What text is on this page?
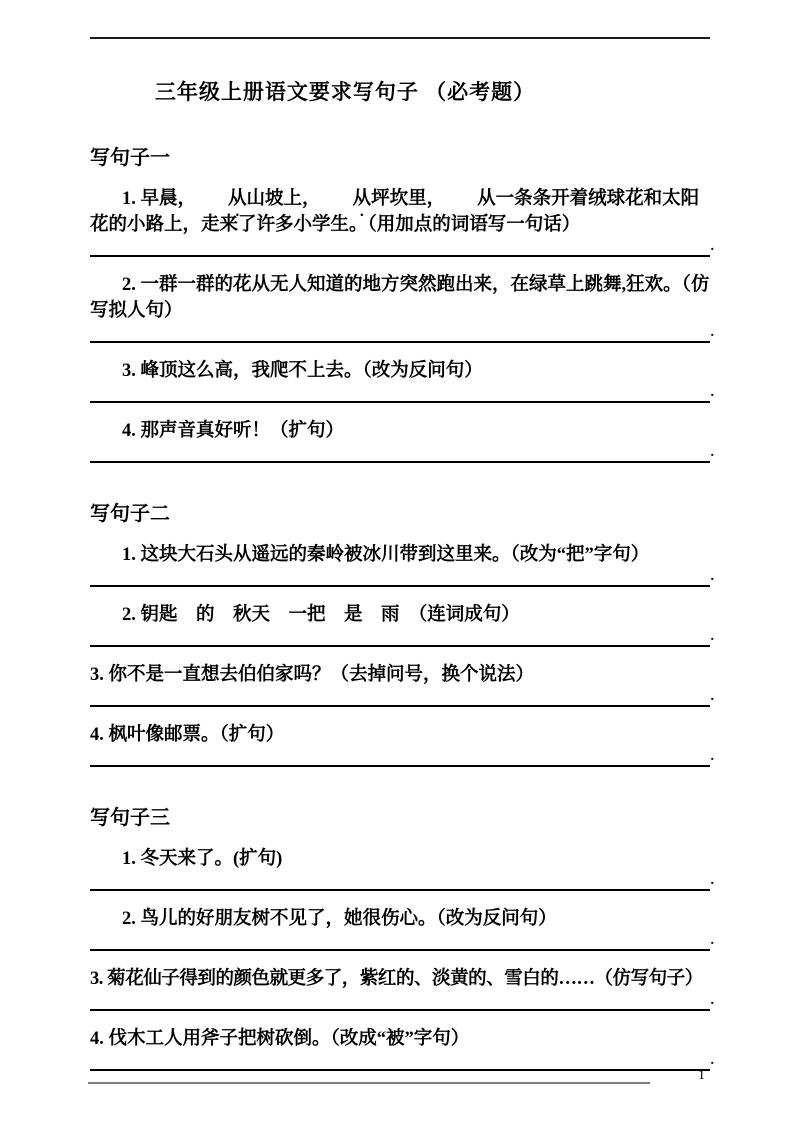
三年级上册语文要求写句子 （必考题）
写句子一

1. 早晨， 从山坡上， 从坪坎里， 从一条条开着绒球花和太阳花的小路上，走来了许多小学生。（用加点的词语写一句话）

.

2. 一群一群的花从无人知道的地方突然跑出来，在绿草上跳舞,狂欢。（仿写拟人句）

.

3. 峰顶这么高，我爬不上去。（改为反问句）

.

4. 那声音真好听！（扩句）

.
写句子二

1. 这块大石头从遥远的秦岭被冰川带到这里来。（改为“把”字句）

.

2. 钥匙　的　秋天　一把　是　雨　（连词成句）

.

3. 你不是一直想去伯伯家吗？（去掉问号，换个说法）

.

4. 枫叶像邮票。（扩句）

.
写句子三

1. 冬天来了。(扩句)

.

2. 鸟儿的好朋友树不见了，她很伤心。（改为反问句）

.

3. 菊花仙子得到的颜色就更多了，紫红的、淡黄的、雪白的……（仿写句子）

.

4. 伐木工人用斧子把树砍倒。（改成“被”字句）

.
1
